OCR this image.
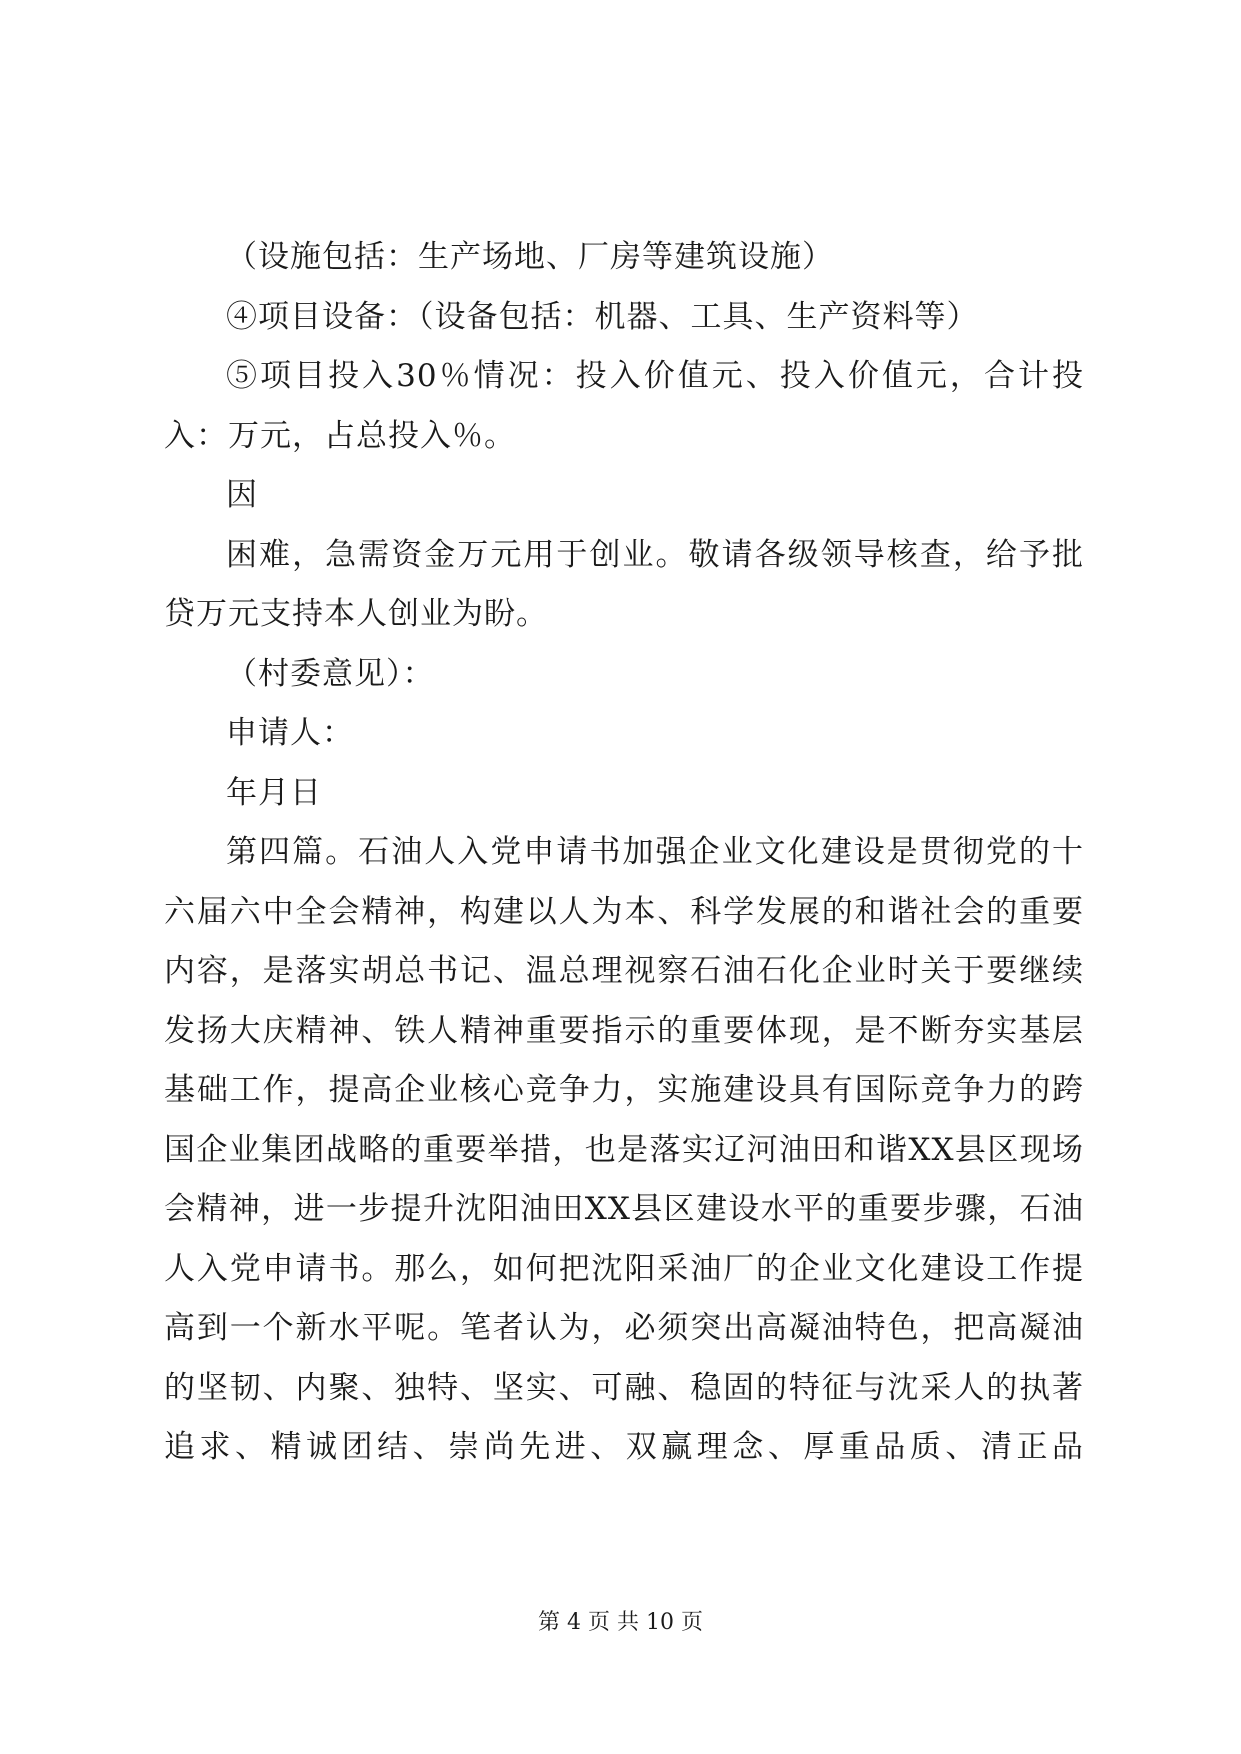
（设施包括：生产场地、厂房等建筑设施）

④项目设备：（设备包括：机器、工具、生产资料等）

⑤项目投入30％情况：投入价值元、投入价值元，合计投入：万元，占总投入％。

因

困难，急需资金万元用于创业。敬请各级领导核查，给予批贷万元支持本人创业为盼。

（村委意见）：

申请人：

年月日

第四篇。石油人入党申请书加强企业文化建设是贯彻党的十六届六中全会精神，构建以人为本、科学发展的和谐社会的重要内容，是落实胡总书记、温总理视察石油石化企业时关于要继续发扬大庆精神、铁人精神重要指示的重要体现，是不断夯实基层基础工作，提高企业核心竞争力，实施建设具有国际竞争力的跨国企业集团战略的重要举措，也是落实辽河油田和谐XX县区现场会精神，进一步提升沈阳油田XX县区建设水平的重要步骤，石油人入党申请书。那么，如何把沈阳采油厂的企业文化建设工作提高到一个新水平呢。笔者认为，必须突出高凝油特色，把高凝油的坚韧、内聚、独特、坚实、可融、稳固的特征与沈采人的执著追求、精诚团结、崇尚先进、双赢理念、厚重品质、清正品

第 4 页 共 10 页
